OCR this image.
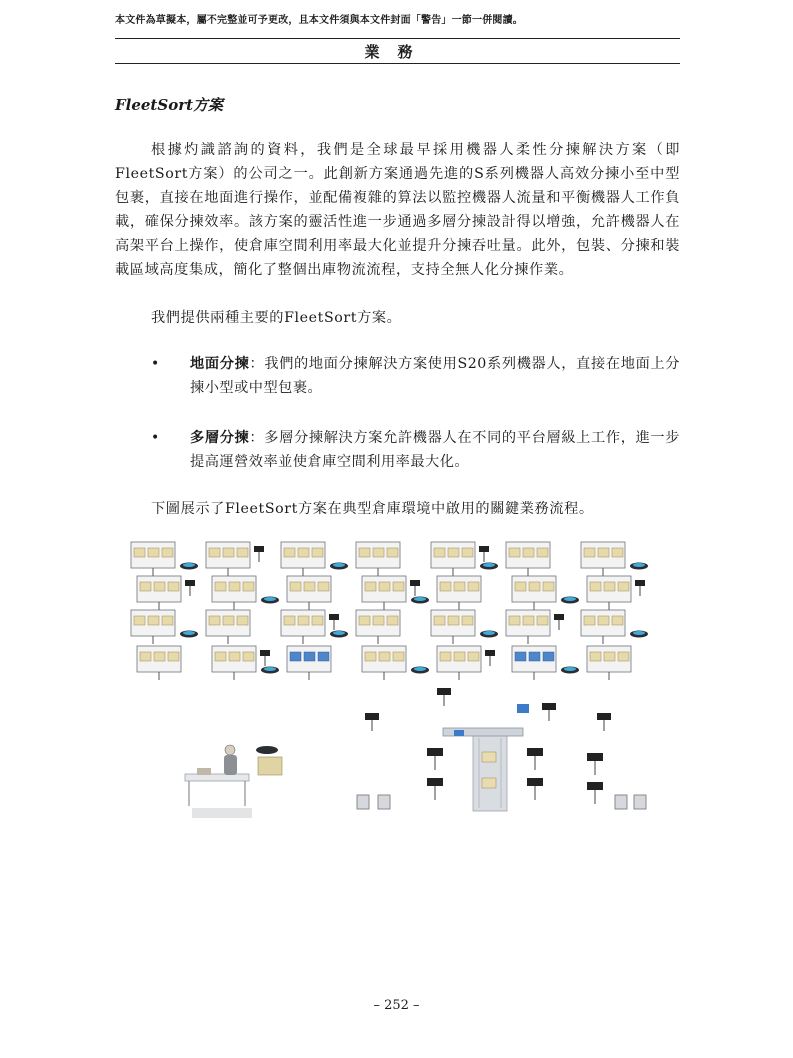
本文件為草擬本，屬不完整並可予更改，且本文件須與本文件封面「警告」一節一併閱讀。
業務
FleetSort方案
根據灼識諮詢的資料，我們是全球最早採用機器人柔性分揀解決方案（即FleetSort方案）的公司之一。此創新方案通過先進的S系列機器人高效分揀小至中型包裹，直接在地面進行操作，並配備複雜的算法以監控機器人流量和平衡機器人工作負載，確保分揀效率。該方案的靈活性進一步通過多層分揀設計得以增強，允許機器人在高架平台上操作，使倉庫空間利用率最大化並提升分揀吞吐量。此外，包裝、分揀和裝載區域高度集成，簡化了整個出庫物流流程，支持全無人化分揀作業。
我們提供兩種主要的FleetSort方案。
• 地面分揀：我們的地面分揀解決方案使用S20系列機器人，直接在地面上分揀小型或中型包裹。
• 多層分揀：多層分揀解決方案允許機器人在不同的平台層級上工作，進一步提高運營效率並使倉庫空間利用率最大化。
下圖展示了FleetSort方案在典型倉庫環境中啟用的關鍵業務流程。
– 252 –
